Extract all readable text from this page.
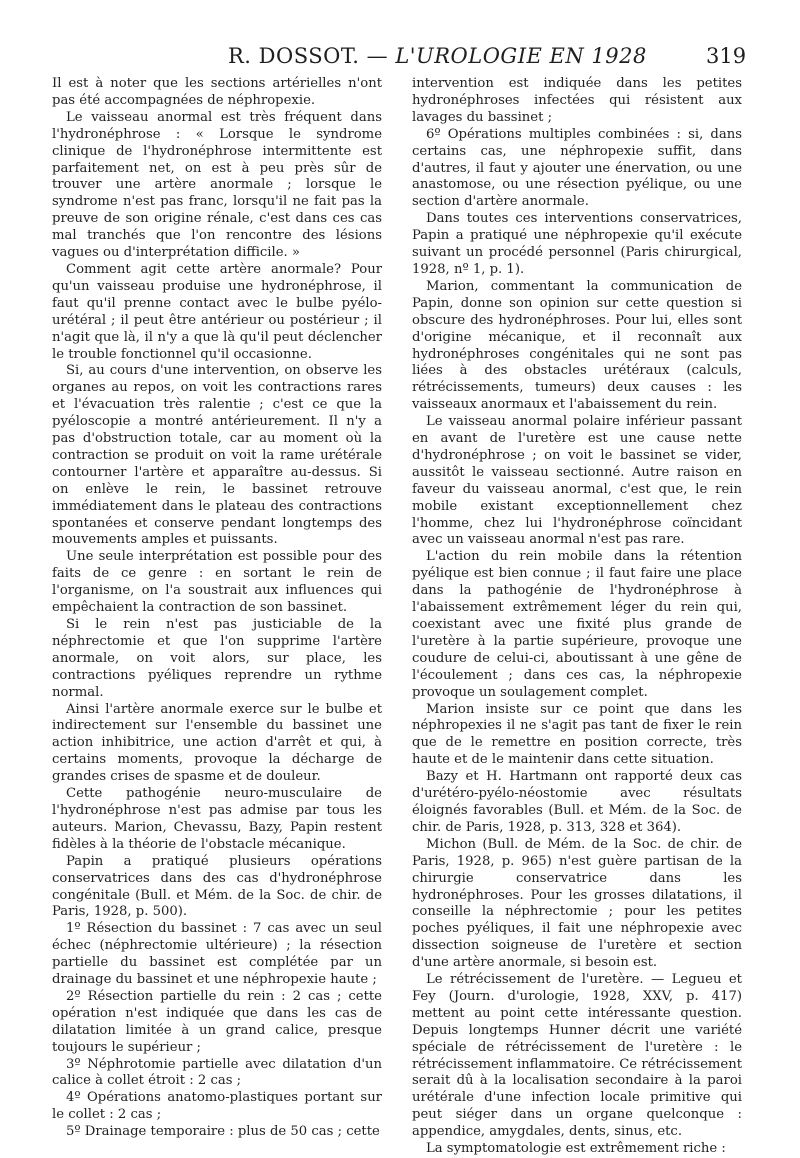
R. DOSSOT. — L'UROLOGIE EN 1928	319

Il est à noter que les sections artérielles n'ont pas été accompagnées de néphropexie.

Le vaisseau anormal est très fréquent dans l'hydronéphrose : « Lorsque le syndrome clinique de l'hydronéphrose intermittente est parfaitement net, on est à peu près sûr de trouver une artère anormale ; lorsque le syndrome n'est pas franc, lorsqu'il ne fait pas la preuve de son origine rénale, c'est dans ces cas mal tranchés que l'on rencontre des lésions vagues ou d'interprétation difficile. »

Comment agit cette artère anormale? Pour qu'un vaisseau produise une hydronéphrose, il faut qu'il prenne contact avec le bulbe pyélo-urétéral ; il peut être antérieur ou postérieur ; il n'agit que là, il n'y a que là qu'il peut déclencher le trouble fonctionnel qu'il occasionne.

Si, au cours d'une intervention, on observe les organes au repos, on voit les contractions rares et l'évacuation très ralentie ; c'est ce que la pyéloscopie a montré antérieurement. Il n'y a pas d'obstruction totale, car au moment où la contraction se produit on voit la rame urétérale contourner l'artère et apparaître au-dessus. Si on enlève le rein, le bassinet retrouve immédiatement dans le plateau des contractions spontanées et conserve pendant longtemps des mouvements amples et puissants.

Une seule interprétation est possible pour des faits de ce genre : en sortant le rein de l'organisme, on l'a soustrait aux influences qui empêchaient la contraction de son bassinet.

Si le rein n'est pas justiciable de la néphrectomie et que l'on supprime l'artère anormale, on voit alors, sur place, les contractions pyéliques reprendre un rythme normal.

Ainsi l'artère anormale exerce sur le bulbe et indirectement sur l'ensemble du bassinet une action inhibitrice, une action d'arrêt et qui, à certains moments, provoque la décharge de grandes crises de spasme et de douleur.

Cette pathogénie neuro-musculaire de l'hydronéphrose n'est pas admise par tous les auteurs. Marion, Chevassu, Bazy, Papin restent fidèles à la théorie de l'obstacle mécanique.

Papin a pratiqué plusieurs opérations conservatrices dans des cas d'hydronéphrose congénitale (Bull. et Mém. de la Soc. de chir. de Paris, 1928, p. 500).

1º Résection du bassinet : 7 cas avec un seul échec (néphrectomie ultérieure) ; la résection partielle du bassinet est complétée par un drainage du bassinet et une néphropexie haute ;

2º Résection partielle du rein : 2 cas ; cette opération n'est indiquée que dans les cas de dilatation limitée à un grand calice, presque toujours le supérieur ;

3º Néphrotomie partielle avec dilatation d'un calice à collet étroit : 2 cas ;

4º Opérations anatomo-plastiques portant sur le collet : 2 cas ;

5º Drainage temporaire : plus de 50 cas ; cette

intervention est indiquée dans les petites hydronéphroses infectées qui résistent aux lavages du bassinet ;

6º Opérations multiples combinées : si, dans certains cas, une néphropexie suffit, dans d'autres, il faut y ajouter une énervation, ou une anastomose, ou une résection pyélique, ou une section d'artère anormale.

Dans toutes ces interventions conservatrices, Papin a pratiqué une néphropexie qu'il exécute suivant un procédé personnel (Paris chirurgical, 1928, nº 1, p. 1).

Marion, commentant la communication de Papin, donne son opinion sur cette question si obscure des hydronéphroses. Pour lui, elles sont d'origine mécanique, et il reconnaît aux hydronéphroses congénitales qui ne sont pas liées à des obstacles urétéraux (calculs, rétrécissements, tumeurs) deux causes : les vaisseaux anormaux et l'abaissement du rein.

Le vaisseau anormal polaire inférieur passant en avant de l'uretère est une cause nette d'hydronéphrose ; on voit le bassinet se vider, aussitôt le vaisseau sectionné. Autre raison en faveur du vaisseau anormal, c'est que, le rein mobile existant exceptionnellement chez l'homme, chez lui l'hydronéphrose coïncidant avec un vaisseau anormal n'est pas rare.

L'action du rein mobile dans la rétention pyélique est bien connue ; il faut faire une place dans la pathogénie de l'hydronéphrose à l'abaissement extrêmement léger du rein qui, coexistant avec une fixité plus grande de l'uretère à la partie supérieure, provoque une coudure de celui-ci, aboutissant à une gêne de l'écoulement ; dans ces cas, la néphropexie provoque un soulagement complet.

Marion insiste sur ce point que dans les néphropexies il ne s'agit pas tant de fixer le rein que de le remettre en position correcte, très haute et de le maintenir dans cette situation.

Bazy et H. Hartmann ont rapporté deux cas d'urétéro-pyélo-néostomie avec résultats éloignés favorables (Bull. et Mém. de la Soc. de chir. de Paris, 1928, p. 313, 328 et 364).

Michon (Bull. de Mém. de la Soc. de chir. de Paris, 1928, p. 965) n'est guère partisan de la chirurgie conservatrice dans les hydronéphroses. Pour les grosses dilatations, il conseille la néphrectomie ; pour les petites poches pyéliques, il fait une néphropexie avec dissection soigneuse de l'uretère et section d'une artère anormale, si besoin est.

Le rétrécissement de l'uretère. — Legueu et Fey (Journ. d'urologie, 1928, XXV, p. 417) mettent au point cette intéressante question. Depuis longtemps Hunner décrit une variété spéciale de rétrécissement de l'uretère : le rétrécissement inflammatoire. Ce rétrécissement serait dû à la localisation secondaire à la paroi urétérale d'une infection locale primitive qui peut siéger dans un organe quelconque : appendice, amygdales, dents, sinus, etc.

La symptomatologie est extrêmement riche :
